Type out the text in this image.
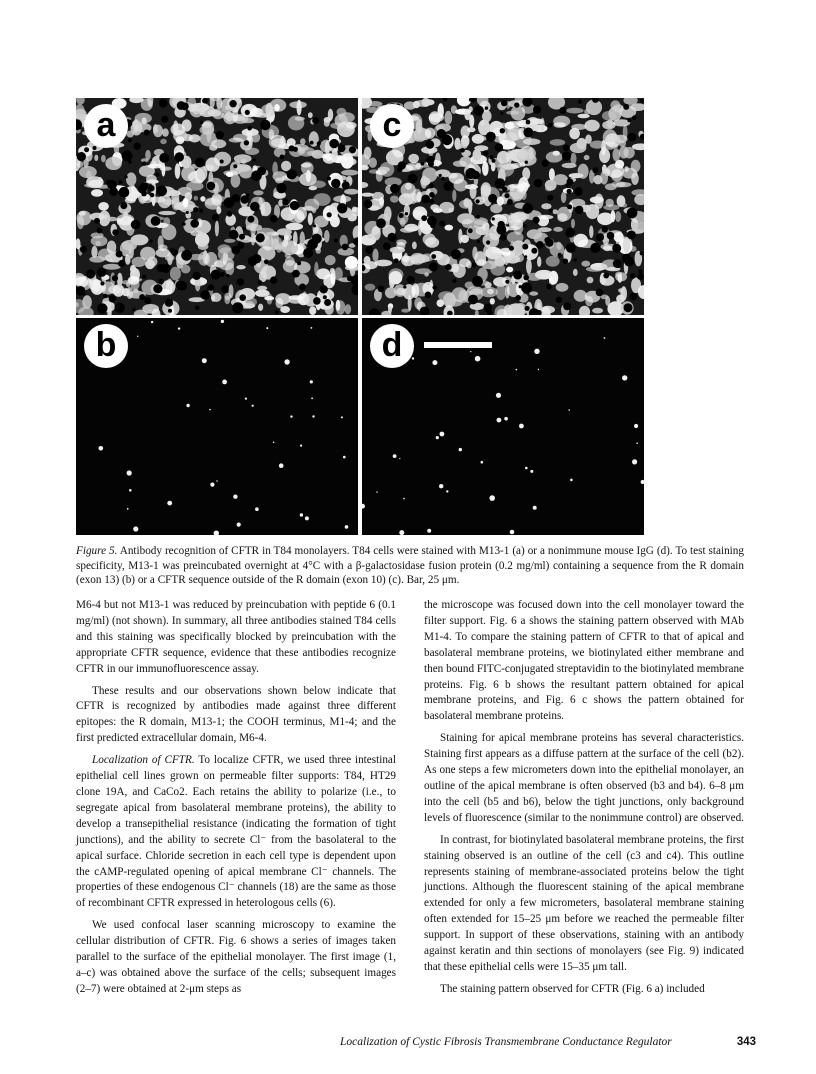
a	c
b	d
Figure 5. Antibody recognition of CFTR in T84 monolayers. T84 cells were stained with M13-1 (a) or a nonimmune mouse IgG (d). To test staining specificity, M13-1 was preincubated overnight at 4°C with a β-galactosidase fusion protein (0.2 mg/ml) containing a sequence from the R domain (exon 13) (b) or a CFTR sequence outside of the R domain (exon 10) (c). Bar, 25 μm.

M6-4 but not M13-1 was reduced by preincubation with peptide 6 (0.1 mg/ml) (not shown). In summary, all three antibodies stained T84 cells and this staining was specifically blocked by preincubation with the appropriate CFTR sequence, evidence that these antibodies recognize CFTR in our immunofluorescence assay.

These results and our observations shown below indicate that CFTR is recognized by antibodies made against three different epitopes: the R domain, M13-1; the COOH terminus, M1-4; and the first predicted extracellular domain, M6-4.

Localization of CFTR. To localize CFTR, we used three intestinal epithelial cell lines grown on permeable filter supports: T84, HT29 clone 19A, and CaCo2. Each retains the ability to polarize (i.e., to segregate apical from basolateral membrane proteins), the ability to develop a transepithelial resistance (indicating the formation of tight junctions), and the ability to secrete Cl⁻ from the basolateral to the apical surface. Chloride secretion in each cell type is dependent upon the cAMP-regulated opening of apical membrane Cl⁻ channels. The properties of these endogenous Cl⁻ channels (18) are the same as those of recombinant CFTR expressed in heterologous cells (6).

We used confocal laser scanning microscopy to examine the cellular distribution of CFTR. Fig. 6 shows a series of images taken parallel to the surface of the epithelial monolayer. The first image (1, a–c) was obtained above the surface of the cells; subsequent images (2–7) were obtained at 2-μm steps as

the microscope was focused down into the cell monolayer toward the filter support. Fig. 6 a shows the staining pattern observed with MAb M1-4. To compare the staining pattern of CFTR to that of apical and basolateral membrane proteins, we biotinylated either membrane and then bound FITC-conjugated streptavidin to the biotinylated membrane proteins. Fig. 6 b shows the resultant pattern obtained for apical membrane proteins, and Fig. 6 c shows the pattern obtained for basolateral membrane proteins.

Staining for apical membrane proteins has several characteristics. Staining first appears as a diffuse pattern at the surface of the cell (b2). As one steps a few micrometers down into the epithelial monolayer, an outline of the apical membrane is often observed (b3 and b4). 6–8 μm into the cell (b5 and b6), below the tight junctions, only background levels of fluorescence (similar to the nonimmune control) are observed.

In contrast, for biotinylated basolateral membrane proteins, the first staining observed is an outline of the cell (c3 and c4). This outline represents staining of membrane-associated proteins below the tight junctions. Although the fluorescent staining of the apical membrane extended for only a few micrometers, basolateral membrane staining often extended for 15–25 μm before we reached the permeable filter support. In support of these observations, staining with an antibody against keratin and thin sections of monolayers (see Fig. 9) indicated that these epithelial cells were 15–35 μm tall.

The staining pattern observed for CFTR (Fig. 6 a) included

Localization of Cystic Fibrosis Transmembrane Conductance Regulator	343
